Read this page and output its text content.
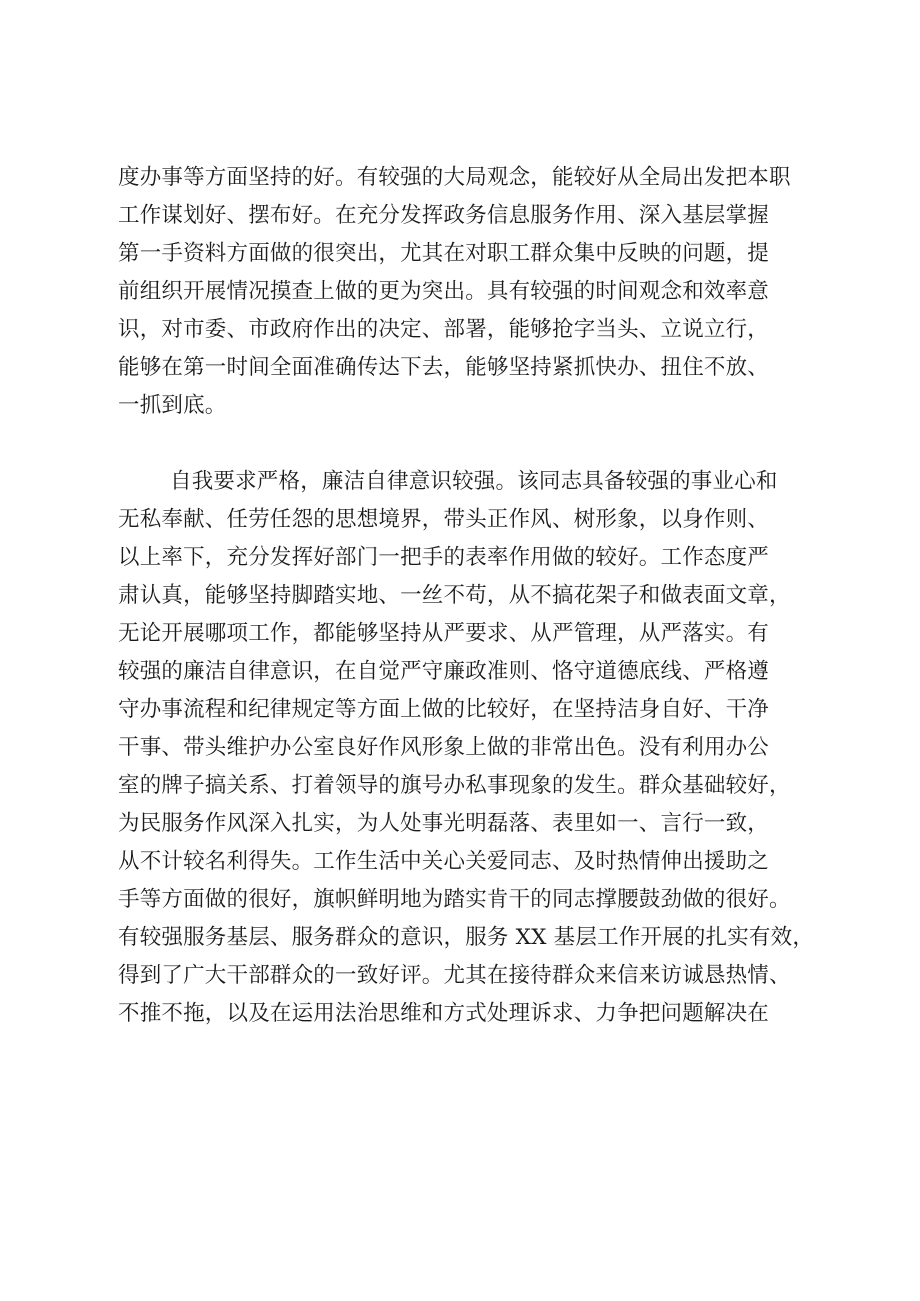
度办事等方面坚持的好。有较强的大局观念，能较好从全局出发把本职
工作谋划好、摆布好。在充分发挥政务信息服务作用、深入基层掌握
第一手资料方面做的很突出，尤其在对职工群众集中反映的问题，提
前组织开展情况摸查上做的更为突出。具有较强的时间观念和效率意
识，对市委、市政府作出的决定、部署，能够抢字当头、立说立行，
能够在第一时间全面准确传达下去，能够坚持紧抓快办、扭住不放、
一抓到底。
自我要求严格，廉洁自律意识较强。该同志具备较强的事业心和
无私奉献、任劳任怨的思想境界，带头正作风、树形象，以身作则、
以上率下，充分发挥好部门一把手的表率作用做的较好。工作态度严
肃认真，能够坚持脚踏实地、一丝不苟，从不搞花架子和做表面文章，
无论开展哪项工作，都能够坚持从严要求、从严管理，从严落实。有
较强的廉洁自律意识，在自觉严守廉政准则、恪守道德底线、严格遵
守办事流程和纪律规定等方面上做的比较好，在坚持洁身自好、干净
干事、带头维护办公室良好作风形象上做的非常出色。没有利用办公
室的牌子搞关系、打着领导的旗号办私事现象的发生。群众基础较好，
为民服务作风深入扎实，为人处事光明磊落、表里如一、言行一致，
从不计较名利得失。工作生活中关心关爱同志、及时热情伸出援助之
手等方面做的很好，旗帜鲜明地为踏实肯干的同志撑腰鼓劲做的很好。
有较强服务基层、服务群众的意识，服务 XX 基层工作开展的扎实有效，
得到了广大干部群众的一致好评。尤其在接待群众来信来访诚恳热情、
不推不拖，以及在运用法治思维和方式处理诉求、力争把问题解决在
